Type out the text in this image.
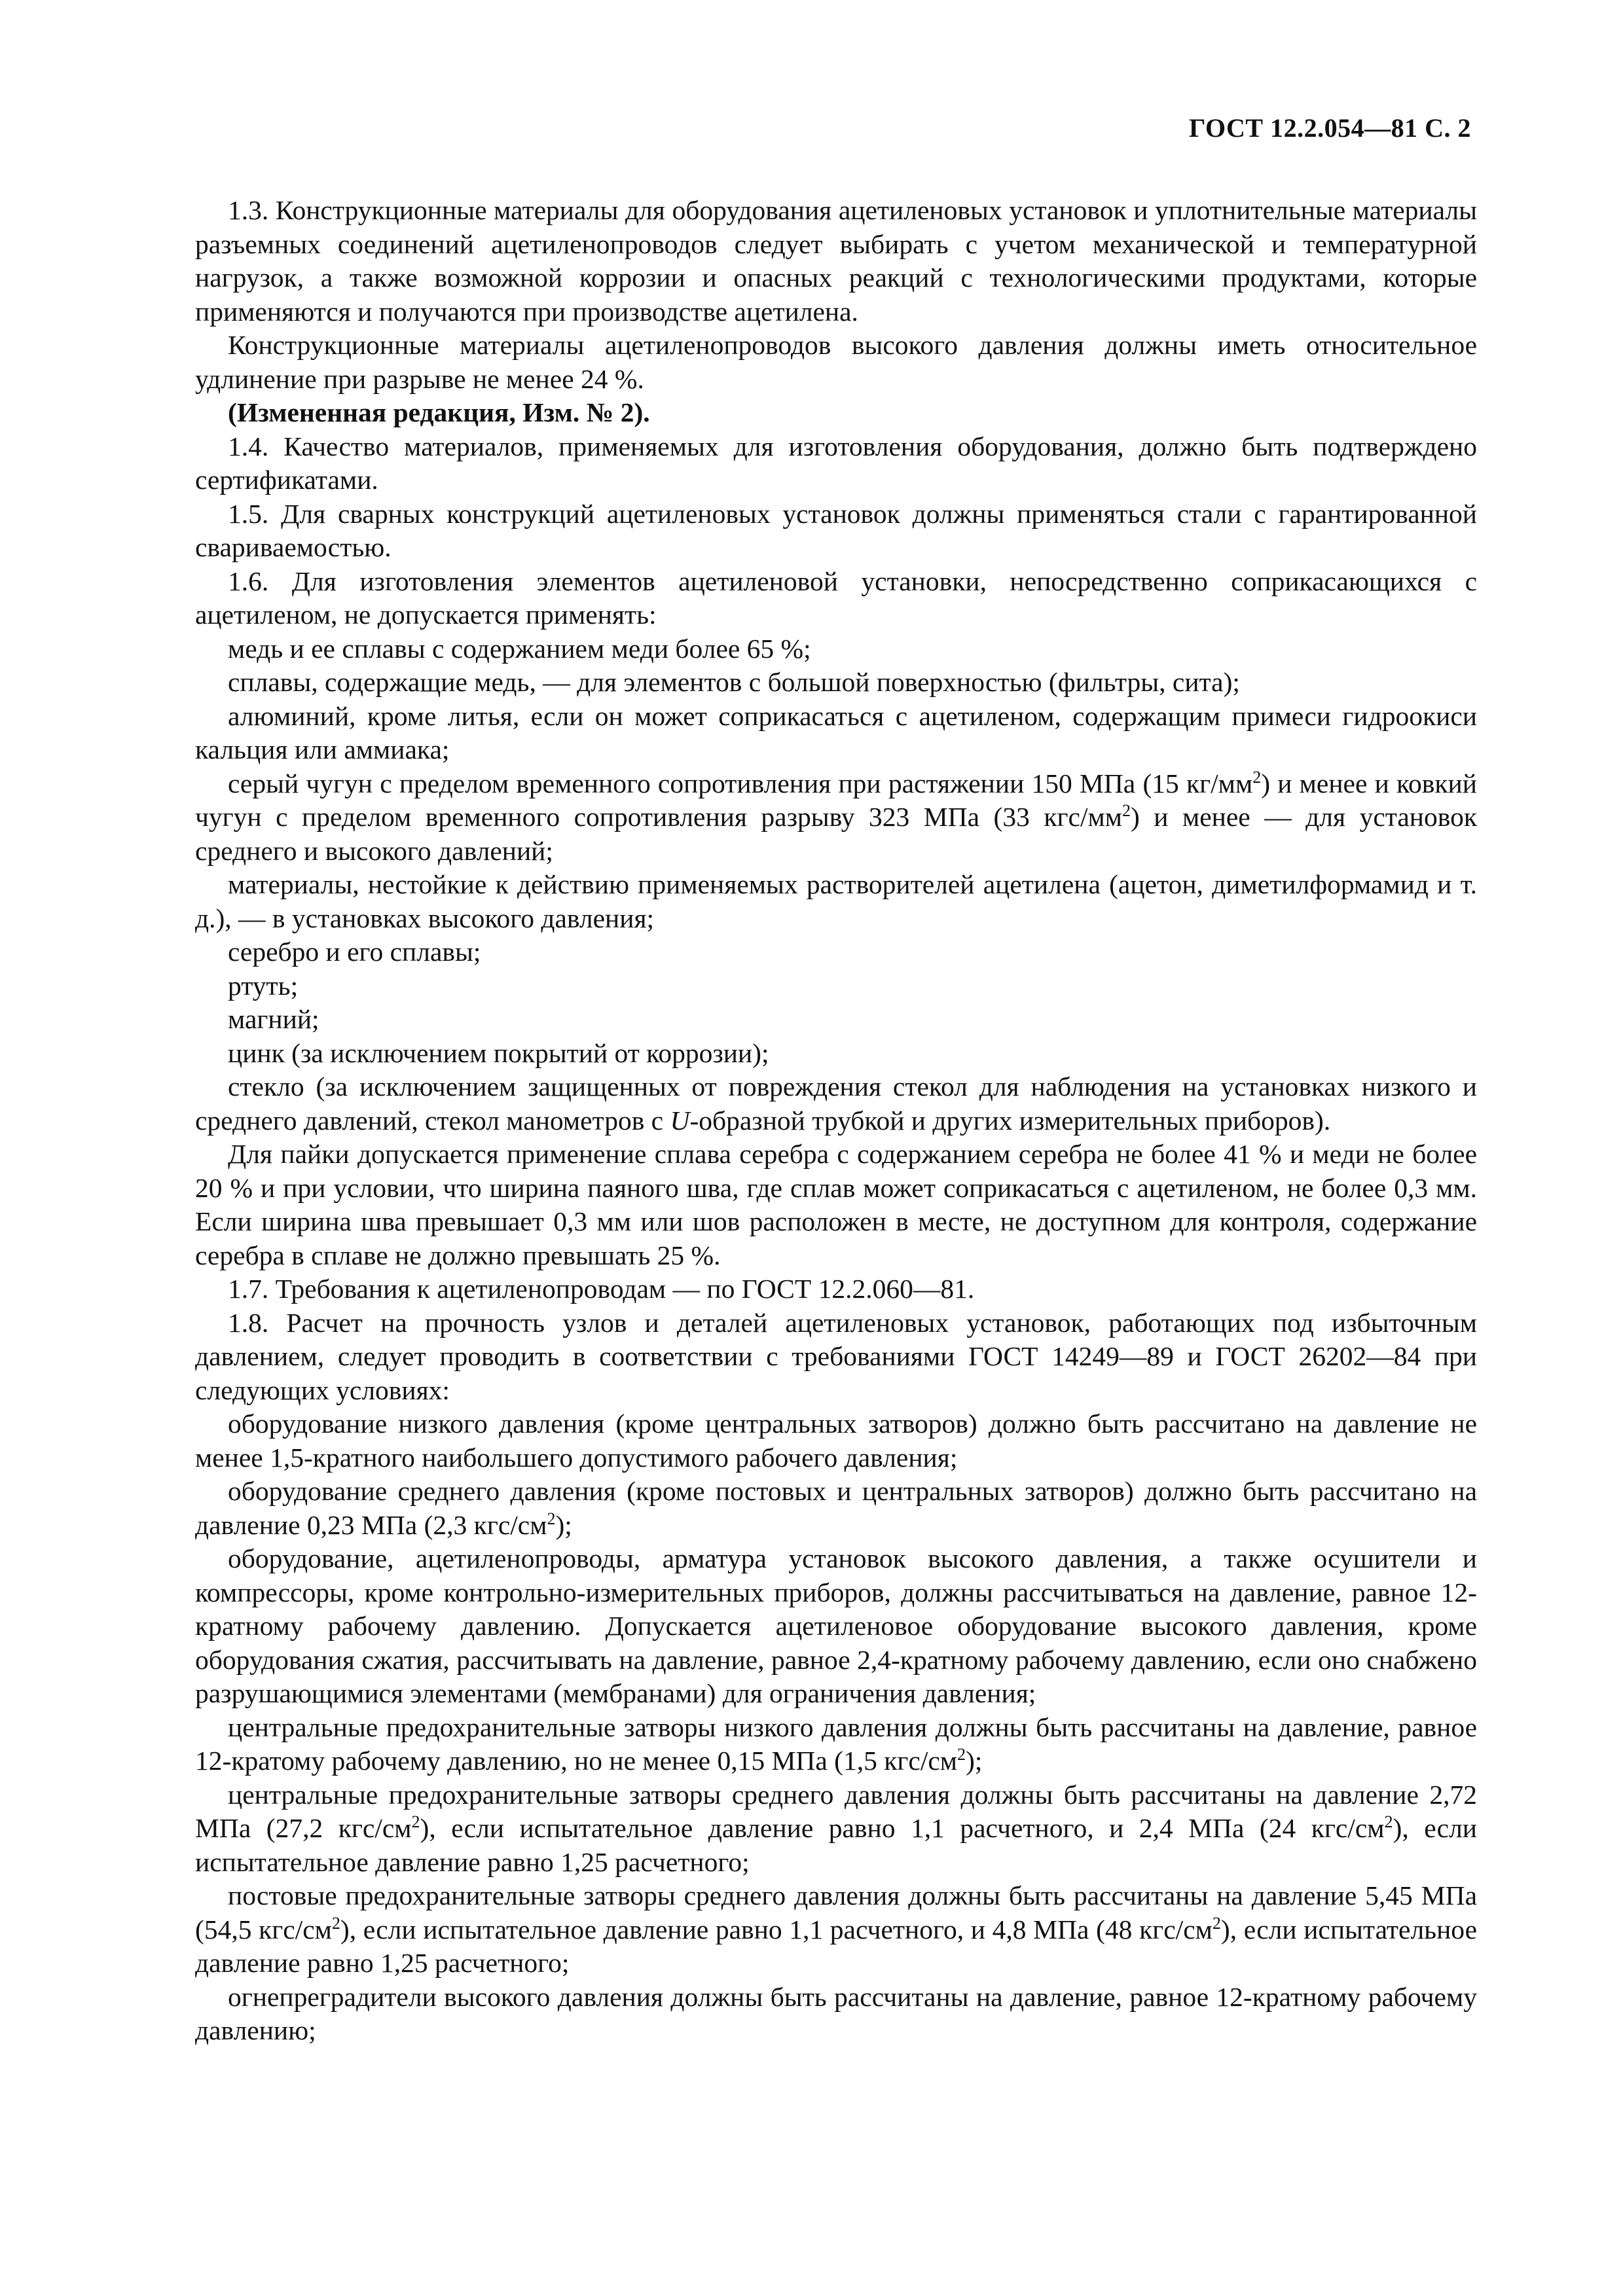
ГОСТ 12.2.054—81 С. 2

1.3. Конструкционные материалы для оборудования ацетиленовых установок и уплотнительные материалы разъемных соединений ацетиленопроводов следует выбирать с учетом механической и температурной нагрузок, а также возможной коррозии и опасных реакций с технологическими продуктами, которые применяются и получаются при производстве ацетилена.

Конструкционные материалы ацетиленопроводов высокого давления должны иметь относительное удлинение при разрыве не менее 24 %.

(Измененная редакция, Изм. № 2).

1.4. Качество материалов, применяемых для изготовления оборудования, должно быть подтверждено сертификатами.

1.5. Для сварных конструкций ацетиленовых установок должны применяться стали с гарантированной свариваемостью.

1.6. Для изготовления элементов ацетиленовой установки, непосредственно соприкасающихся с ацетиленом, не допускается применять:

медь и ее сплавы с содержанием меди более 65 %;

сплавы, содержащие медь, — для элементов с большой поверхностью (фильтры, сита);

алюминий, кроме литья, если он может соприкасаться с ацетиленом, содержащим примеси гидроокиси кальция или аммиака;

серый чугун с пределом временного сопротивления при растяжении 150 МПа (15 $кг/мм^2$) и менее и ковкий чугун с пределом временного сопротивления разрыву 323 МПа (33 кгс/$мм^2$) и менее — для установок среднего и высокого давлений;

материалы, нестойкие к действию применяемых растворителей ацетилена (ацетон, диметилформамид и т. д.), — в установках высокого давления;

серебро и его сплавы;

ртуть;

магний;

цинк (за исключением покрытий от коррозии);

стекло (за исключением защищенных от повреждения стекол для наблюдения на установках низкого и среднего давлений, стекол манометров с U-образной трубкой и других измерительных приборов).

Для пайки допускается применение сплава серебра с содержанием серебра не более 41 % и меди не более 20 % и при условии, что ширина паяного шва, где сплав может соприкасаться с ацетиленом, не более 0,3 мм. Если ширина шва превышает 0,3 мм или шов расположен в месте, не доступном для контроля, содержание серебра в сплаве не должно превышать 25 %.

1.7. Требования к ацетиленопроводам — по ГОСТ 12.2.060—81.

1.8. Расчет на прочность узлов и деталей ацетиленовых установок, работающих под избыточным давлением, следует проводить в соответствии с требованиями ГОСТ 14249—89 и ГОСТ 26202—84 при следующих условиях:

оборудование низкого давления (кроме центральных затворов) должно быть рассчитано на давление не менее 1,5-кратного наибольшего допустимого рабочего давления;

оборудование среднего давления (кроме постовых и центральных затворов) должно быть рассчитано на давление 0,23 МПа (2,3 кгс/$см^2$);

оборудование, ацетиленопроводы, арматура установок высокого давления, а также осушители и компрессоры, кроме контрольно-измерительных приборов, должны рассчитываться на давление, равное 12-кратному рабочему давлению. Допускается ацетиленовое оборудование высокого давления, кроме оборудования сжатия, рассчитывать на давление, равное 2,4-кратному рабочему давлению, если оно снабжено разрушающимися элементами (мембранами) для ограничения давления;

центральные предохранительные затворы низкого давления должны быть рассчитаны на давление, равное 12-кратому рабочему давлению, но не менее 0,15 МПа (1,5 кгс/$см^2$);

центральные предохранительные затворы среднего давления должны быть рассчитаны на давление 2,72 МПа (27,2 кгс/$см^2$), если испытательное давление равно 1,1 расчетного, и 2,4 МПа (24 кгс/$см^2$), если испытательное давление равно 1,25 расчетного;

постовые предохранительные затворы среднего давления должны быть рассчитаны на давление 5,45 МПа (54,5 кгс/$см^2$), если испытательное давление равно 1,1 расчетного, и 4,8 МПа (48 кгс/$см^2$), если испытательное давление равно 1,25 расчетного;

огнепреградители высокого давления должны быть рассчитаны на давление, равное 12-кратному рабочему давлению;
